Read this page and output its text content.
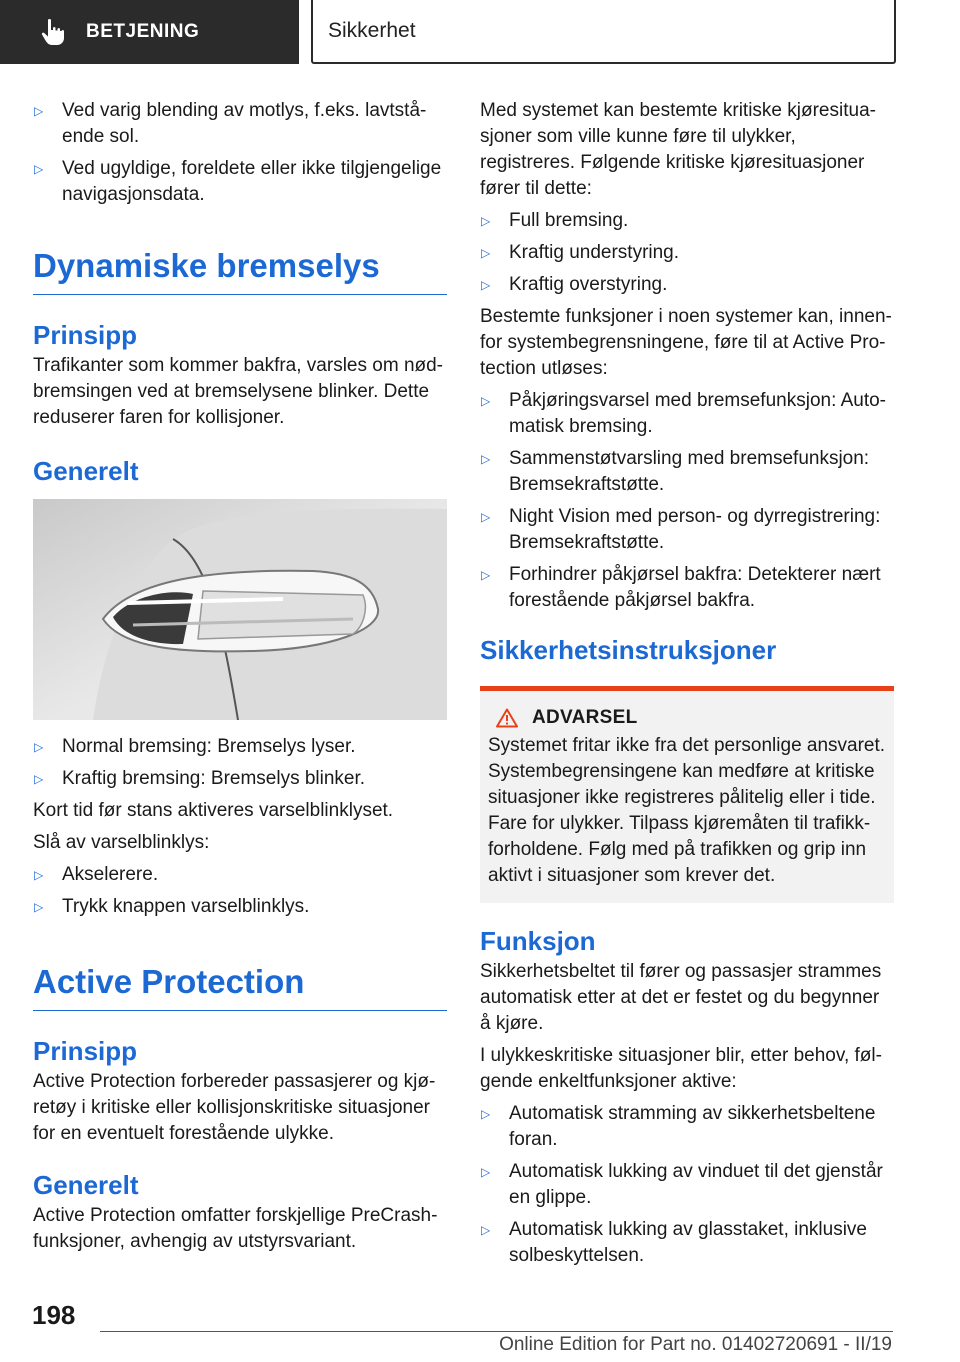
BETJENING	Sikkerhet
▷ Ved varig blending av motlys, f.eks. lavtstå-ende sol.
▷ Ved ugyldige, foreldete eller ikke tilgjengelige navigasjonsdata.
Dynamiske bremselys
Prinsipp

Trafikanter som kommer bakfra, varsles om nød-bremsingen ved at bremselysene blinker. Dette reduserer faren for kollisjoner.

Generelt
▷ Normal bremsing: Bremselys lyser.
▷ Kraftig bremsing: Bremselys blinker.

Kort tid før stans aktiveres varselblinklyset.

Slå av varselblinklys:

▷ Akselerere.
▷ Trykk knappen varselblinklys.
Active Protection
Prinsipp

Active Protection forbereder passasjerer og kjø-retøy i kritiske eller kollisjonskritiske situasjoner for en eventuelt forestående ulykke.

Generelt

Active Protection omfatter forskjellige PreCrash-funksjoner, avhengig av utstyrsvariant.

Med systemet kan bestemte kritiske kjøresitua-sjoner som ville kunne føre til ulykker, registreres. Følgende kritiske kjøresituasjoner fører til dette:

▷ Full bremsing.
▷ Kraftig understyring.
▷ Kraftig overstyring.

Bestemte funksjoner i noen systemer kan, innen-for systembegrensningene, føre til at Active Pro-tection utløses:

▷ Påkjøringsvarsel med bremsefunksjon: Auto-matisk bremsing.
▷ Sammenstøtvarsling med bremsefunksjon: Bremsekraftstøtte.
▷ Night Vision med person- og dyrregistrering: Bremsekraftstøtte.
▷ Forhindrer påkjørsel bakfra: Detekterer nært forestående påkjørsel bakfra.
Sikkerhetsinstruksjoner
ADVARSEL

Systemet fritar ikke fra det personlige ansvaret. Systembegrensingene kan medføre at kritiske situasjoner ikke registreres pålitelig eller i tide. Fare for ulykker. Tilpass kjøremåten til trafikk-forholdene. Følg med på trafikken og grip inn aktivt i situasjoner som krever det.

Funksjon

Sikkerhetsbeltet til fører og passasjer strammes automatisk etter at det er festet og du begynner å kjøre.

I ulykkeskritiske situasjoner blir, etter behov, føl-gende enkeltfunksjoner aktive:

▷ Automatisk stramming av sikkerhetsbeltene foran.
▷ Automatisk lukking av vinduet til det gjenstår en glippe.
▷ Automatisk lukking av glasstaket, inklusive solbeskyttelsen.
198
Online Edition for Part no. 01402720691 - II/19
